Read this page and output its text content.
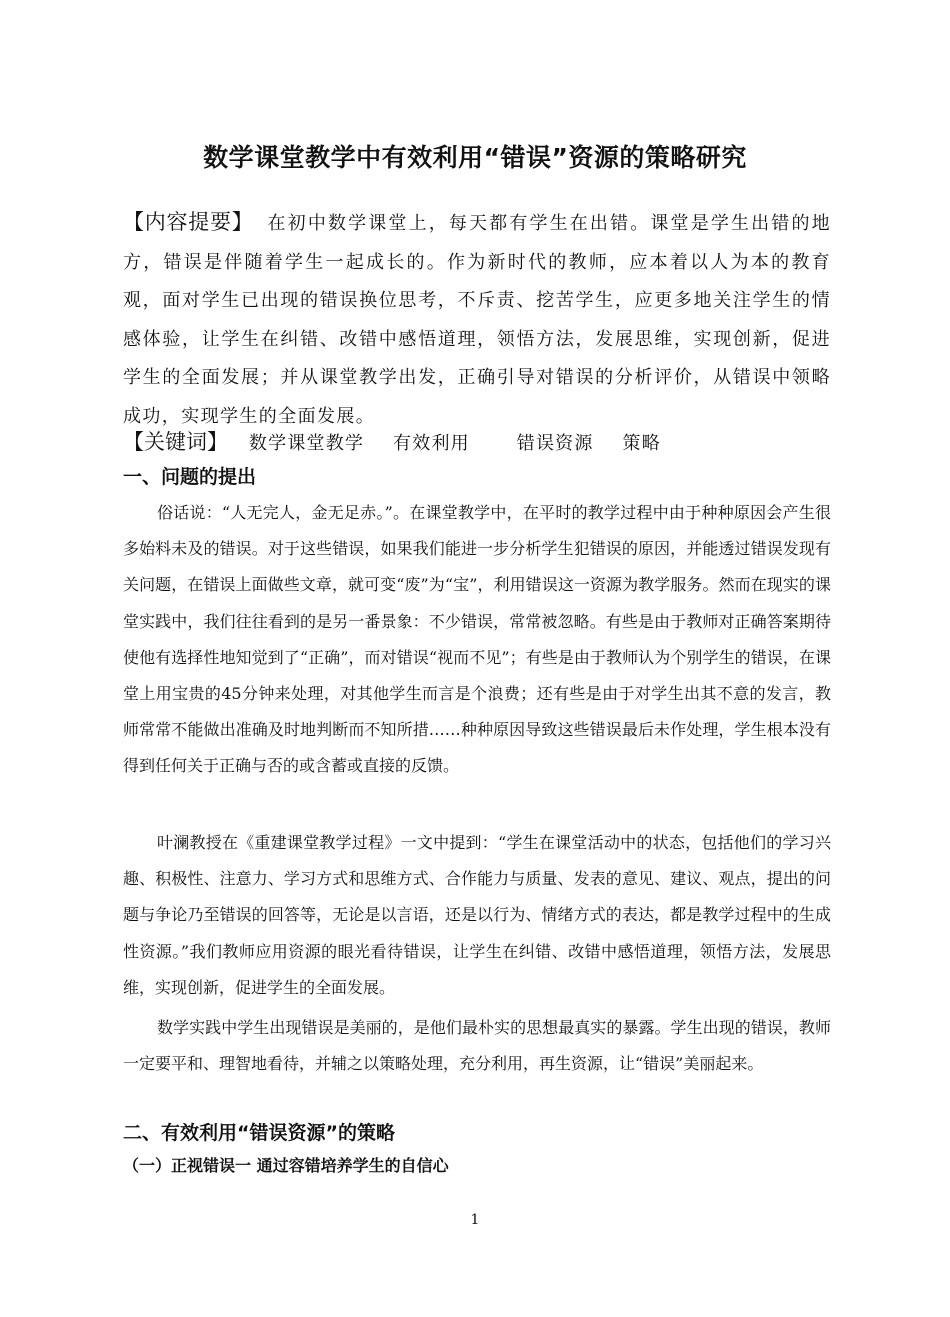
数学课堂教学中有效利用“错误”资源的策略研究
【内容提要】 在初中数学课堂上，每天都有学生在出错。课堂是学生出错的地方，错误是伴随着学生一起成长的。作为新时代的教师，应本着以人为本的教育观，面对学生已出现的错误换位思考，不斥责、挖苦学生，应更多地关注学生的情感体验，让学生在纠错、改错中感悟道理，领悟方法，发展思维，实现创新，促进学生的全面发展；并从课堂教学出发，正确引导对错误的分析评价，从错误中领略成功，实现学生的全面发展。
【关键词】 数学课堂教学 有效利用	错误资源 策略
一、问题的提出

俗话说：“人无完人，金无足赤。”。在课堂教学中，在平时的教学过程中由于种种原因会产生很多始料未及的错误。对于这些错误，如果我们能进一步分析学生犯错误的原因，并能透过错误发现有关问题，在错误上面做些文章，就可变“废”为“宝”，利用错误这一资源为教学服务。然而在现实的课堂实践中，我们往往看到的是另一番景象：不少错误，常常被忽略。有些是由于教师对正确答案期待使他有选择性地知觉到了“正确”，而对错误“视而不见”；有些是由于教师认为个别学生的错误，在课堂上用宝贵的45分钟来处理，对其他学生而言是个浪费；还有些是由于对学生出其不意的发言，教师常常不能做出准确及时地判断而不知所措……种种原因导致这些错误最后未作处理，学生根本没有得到任何关于正确与否的或含蓄或直接的反馈。

叶澜教授在《重建课堂教学过程》一文中提到：“学生在课堂活动中的状态，包括他们的学习兴趣、积极性、注意力、学习方式和思维方式、合作能力与质量、发表的意见、建议、观点，提出的问题与争论乃至错误的回答等，无论是以言语，还是以行为、情绪方式的表达，都是教学过程中的生成性资源。”我们教师应用资源的眼光看待错误，让学生在纠错、改错中感悟道理，领悟方法，发展思维，实现创新，促进学生的全面发展。

数学实践中学生出现错误是美丽的，是他们最朴实的思想最真实的暴露。学生出现的错误，教师一定要平和、理智地看待，并辅之以策略处理，充分利用，再生资源，让“错误”美丽起来。

二、有效利用“错误资源”的策略
（一）正视错误一 通过容错培养学生的自信心
1
